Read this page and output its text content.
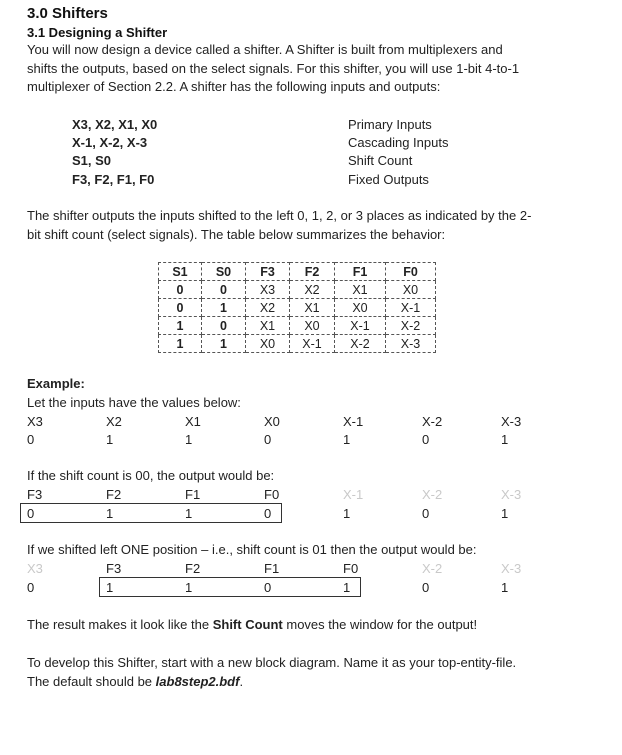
3.0 Shifters
3.1 Designing a Shifter
You will now design a device called a shifter. A Shifter is built from multiplexers and
shifts the outputs, based on the select signals. For this shifter, you will use 1-bit 4-to-1
multiplexer of Section 2.2. A shifter has the following inputs and outputs:
X3, X2, X1, X0	Primary Inputs
X-1, X-2, X-3	Cascading Inputs
S1, S0	Shift Count
F3, F2, F1, F0	Fixed Outputs
The shifter outputs the inputs shifted to the left 0, 1, 2, or 3 places as indicated by the 2-
bit shift count (select signals). The table below summarizes the behavior:
S1	S0	F3	F2	F1	F0
0	0	X3	X2	X1	X0
0	1	X2	X1	X0	X-1
1	0	X1	X0	X-1	X-2
1	1	X0	X-1	X-2	X-3
Example:
Let the inputs have the values below:
X3	X2	X1	X0	X-1	X-2	X-3
0	1	1	0	1	0	1
If the shift count is 00, the output would be:
F3	F2	F1	F0	X-1	X-2	X-3
0	1	1	0	1	0	1
If we shifted left ONE position – i.e., shift count is 01 then the output would be:
X3	F3	F2	F1	F0	X-2	X-3
0	1	1	0	1	0	1
The result makes it look like the Shift Count moves the window for the output!
To develop this Shifter, start with a new block diagram. Name it as your top-entity-file.
The default should be lab8step2.bdf.
